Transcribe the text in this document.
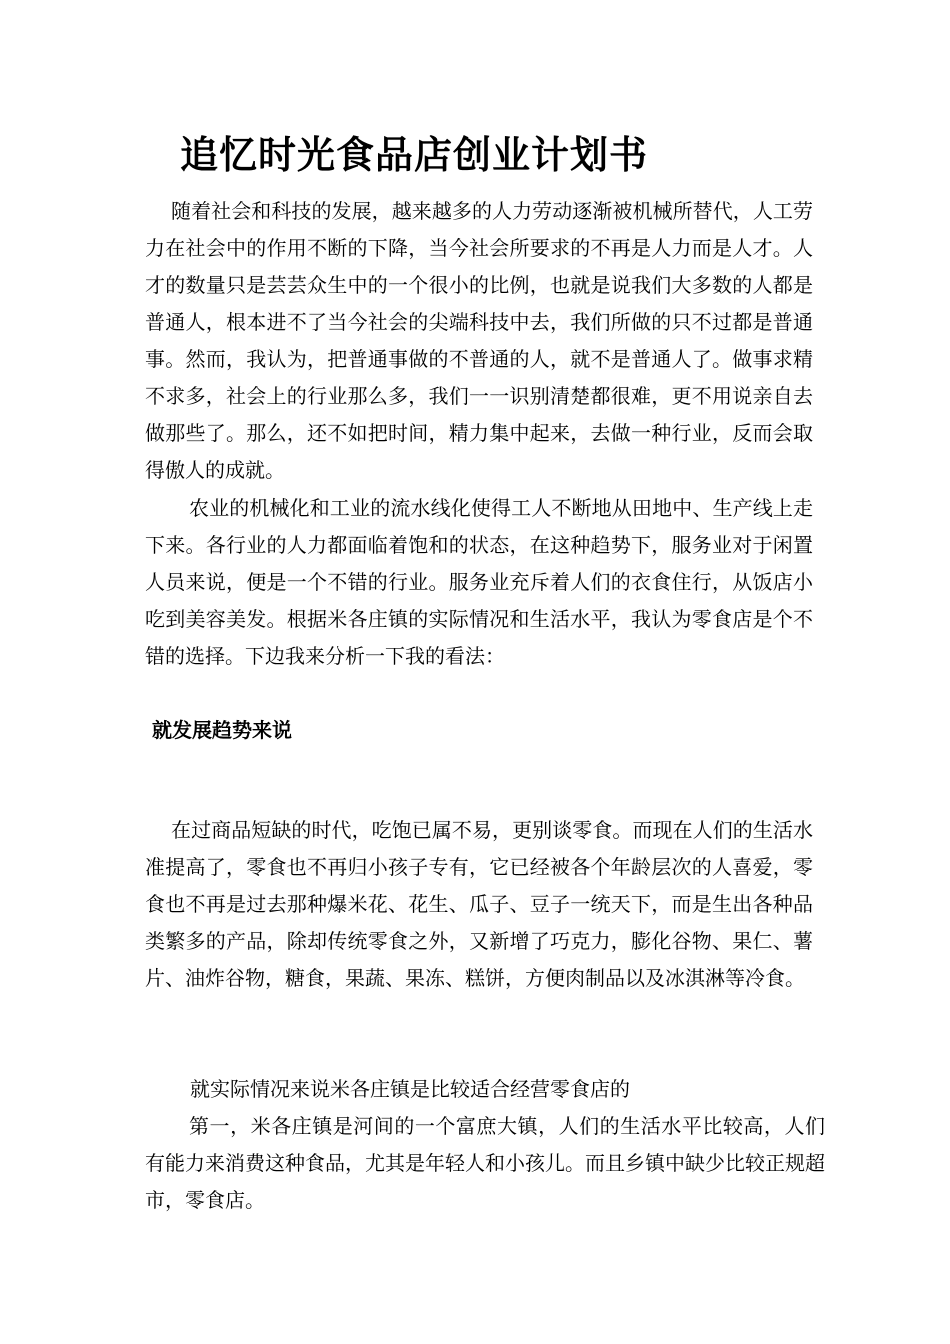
追忆时光食品店创业计划书

随着社会和科技的发展，越来越多的人力劳动逐渐被机械所替代，人工劳力在社会中的作用不断的下降，当今社会所要求的不再是人力而是人才。人才的数量只是芸芸众生中的一个很小的比例，也就是说我们大多数的人都是普通人，根本进不了当今社会的尖端科技中去，我们所做的只不过都是普通事。然而，我认为，把普通事做的不普通的人，就不是普通人了。做事求精不求多，社会上的行业那么多，我们一一识别清楚都很难，更不用说亲自去做那些了。那么，还不如把时间，精力集中起来，去做一种行业，反而会取得傲人的成就。

农业的机械化和工业的流水线化使得工人不断地从田地中、生产线上走下来。各行业的人力都面临着饱和的状态，在这种趋势下，服务业对于闲置人员来说，便是一个不错的行业。服务业充斥着人们的衣食住行，从饭店小吃到美容美发。根据米各庄镇的实际情况和生活水平，我认为零食店是个不错的选择。下边我来分析一下我的看法：

就发展趋势来说

在过商品短缺的时代，吃饱已属不易，更别谈零食。而现在人们的生活水准提高了，零食也不再归小孩子专有，它已经被各个年龄层次的人喜爱，零食也不再是过去那种爆米花、花生、瓜子、豆子一统天下，而是生出各种品类繁多的产品，除却传统零食之外，又新增了巧克力，膨化谷物、果仁、薯片、油炸谷物，糖食，果蔬、果冻、糕饼，方便肉制品以及冰淇淋等冷食。

就实际情况来说米各庄镇是比较适合经营零食店的

第一，米各庄镇是河间的一个富庶大镇，人们的生活水平比较高，人们有能力来消费这种食品，尤其是年轻人和小孩儿。而且乡镇中缺少比较正规超市，零食店。
